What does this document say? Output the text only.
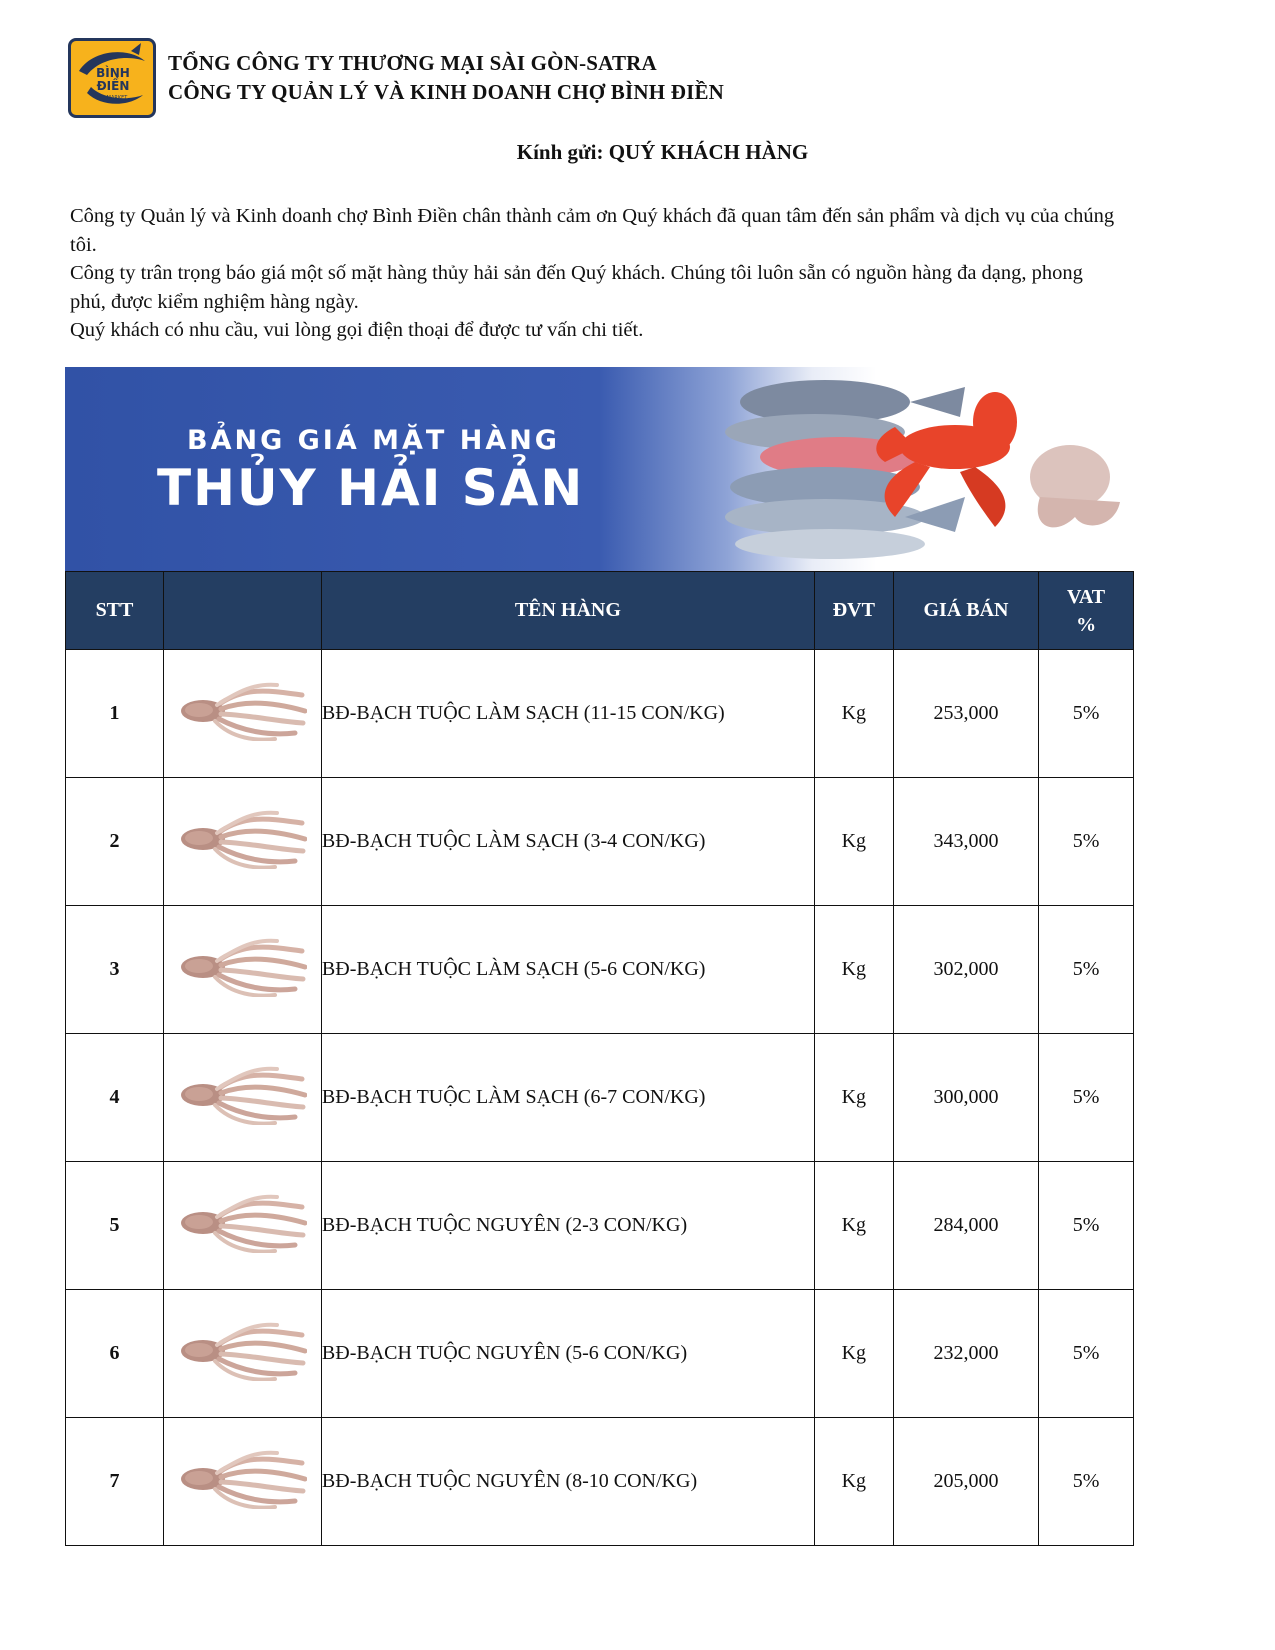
BÌNH
ĐIỀN
MARKET
TỔNG CÔNG TY THƯƠNG MẠI SÀI GÒN-SATRA
CÔNG TY QUẢN LÝ VÀ KINH DOANH CHỢ BÌNH ĐIỀN
Kính gửi: QUÝ KHÁCH HÀNG

Công ty Quản lý và Kinh doanh chợ Bình Điền chân thành cảm ơn Quý khách đã quan tâm đến sản phẩm và dịch vụ của chúng tôi.

Công ty trân trọng báo giá một số mặt hàng thủy hải sản đến Quý khách. Chúng tôi luôn sẵn có nguồn hàng đa dạng, phong phú, được kiểm nghiệm hàng ngày.

Quý khách có nhu cầu, vui lòng gọi điện thoại để được tư vấn chi tiết.

BẢNG GIÁ MẶT HÀNG
THỦY HẢI SẢN
STT		TÊN HÀNG	ĐVT	GIÁ BÁN	VAT %
1		BĐ-BẠCH TUỘC LÀM SẠCH (11-15 CON/KG)	Kg	253,000	5%
2		BĐ-BẠCH TUỘC LÀM SẠCH (3-4 CON/KG)	Kg	343,000	5%
3		BĐ-BẠCH TUỘC LÀM SẠCH (5-6 CON/KG)	Kg	302,000	5%
4		BĐ-BẠCH TUỘC LÀM SẠCH (6-7 CON/KG)	Kg	300,000	5%
5		BĐ-BẠCH TUỘC NGUYÊN (2-3 CON/KG)	Kg	284,000	5%
6		BĐ-BẠCH TUỘC NGUYÊN (5-6 CON/KG)	Kg	232,000	5%
7		BĐ-BẠCH TUỘC NGUYÊN (8-10 CON/KG)	Kg	205,000	5%
